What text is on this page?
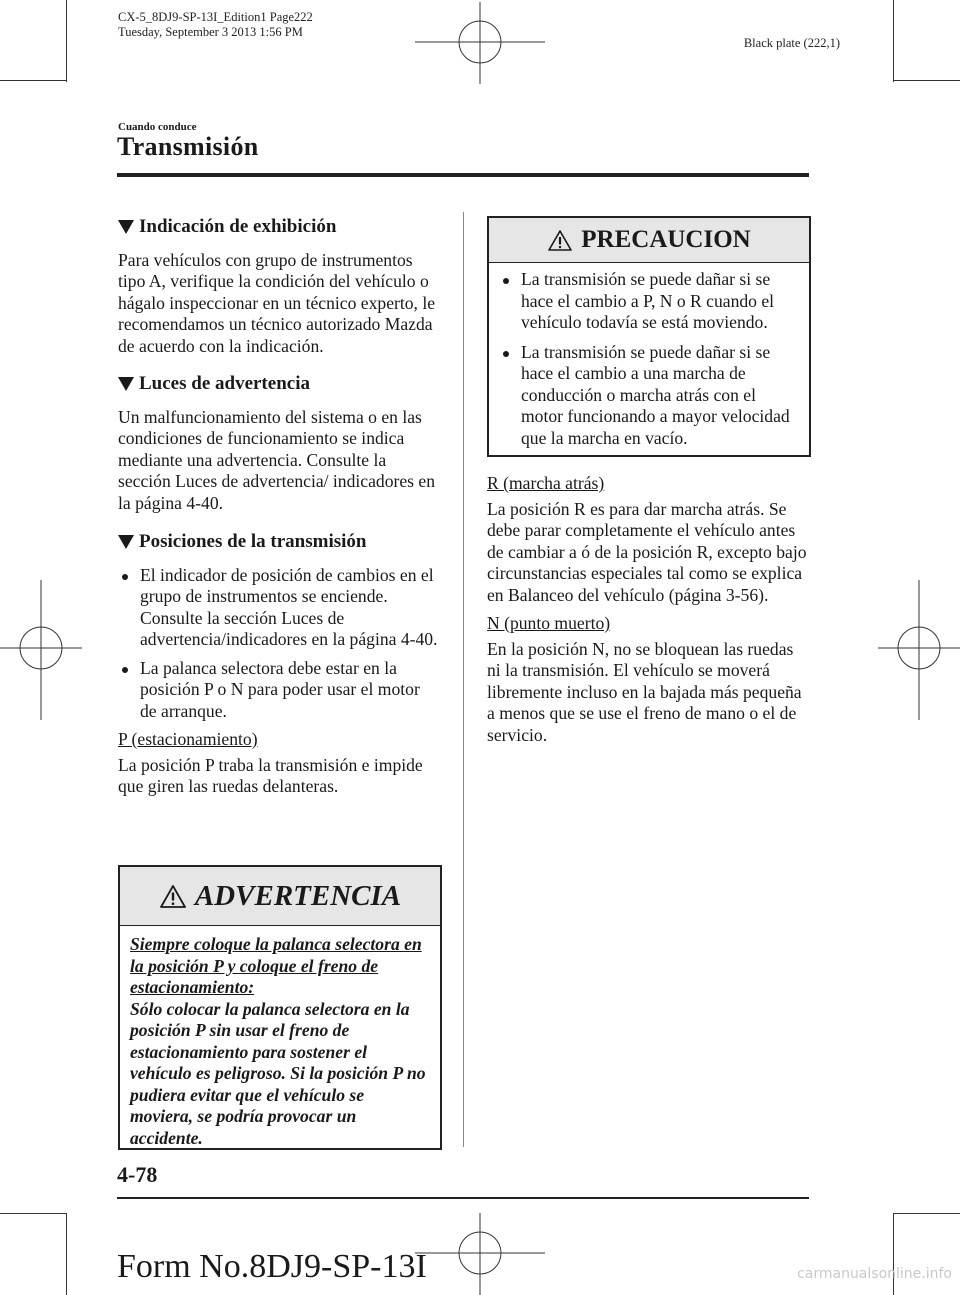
CX-5_8DJ9-SP-13I_Edition1 Page222
Tuesday, September 3 2013 1:56 PM
Black plate (222,1)
Cuando conduce
Transmisión
Indicación de exhibición

Para vehículos con grupo de instrumentos tipo A, verifique la condición del vehículo o hágalo inspeccionar en un técnico experto, le recomendamos un técnico autorizado Mazda de acuerdo con la indicación.

Luces de advertencia

Un malfuncionamiento del sistema o en las condiciones de funcionamiento se indica mediante una advertencia. Consulte la sección Luces de advertencia/ indicadores en la página 4-40.

Posiciones de la transmisión
El indicador de posición de cambios en el grupo de instrumentos se enciende. Consulte la sección Luces de advertencia/indicadores en la página 4-40.
La palanca selectora debe estar en la posición P o N para poder usar el motor de arranque.

P (estacionamiento)

La posición P traba la transmisión e impide que giren las ruedas delanteras.

ADVERTENCIA
Siempre coloque la palanca selectora en la posición P y coloque el freno de estacionamiento:
Sólo colocar la palanca selectora en la posición P sin usar el freno de estacionamiento para sostener el vehículo es peligroso. Si la posición P no pudiera evitar que el vehículo se moviera, se podría provocar un accidente.
PRECAUCION
La transmisión se puede dañar si se hace el cambio a P, N o R cuando el vehículo todavía se está moviendo.
La transmisión se puede dañar si se hace el cambio a una marcha de conducción o marcha atrás con el motor funcionando a mayor velocidad que la marcha en vacío.

R (marcha atrás)

La posición R es para dar marcha atrás. Se debe parar completamente el vehículo antes de cambiar a ó de la posición R, excepto bajo circunstancias especiales tal como se explica en Balanceo del vehículo (página 3-56).

N (punto muerto)

En la posición N, no se bloquean las ruedas ni la transmisión. El vehículo se moverá libremente incluso en la bajada más pequeña a menos que se use el freno de mano o el de servicio.

4-78
Form No.8DJ9-SP-13I	carmanualsonline.info
